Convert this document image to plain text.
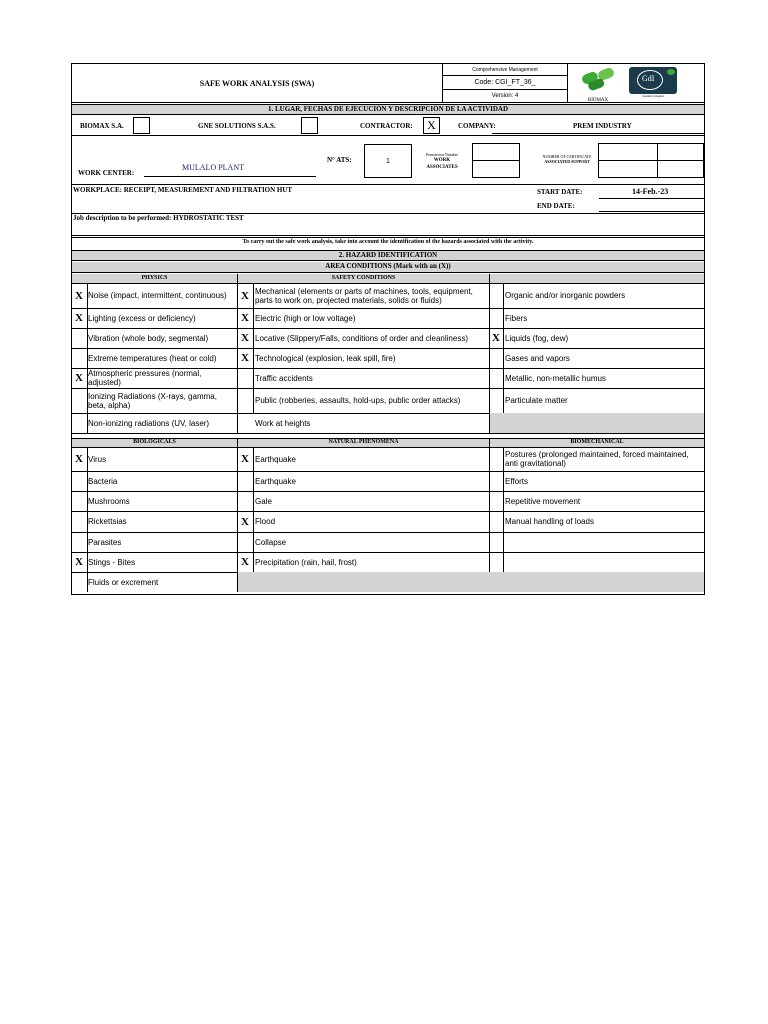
SAFE WORK ANALYSIS (SWA)
Comprehensive Management
Code: CGI_FT_36_
Version: 4
BIOMAX
GdI
Gestión Integral
1. LUGAR, FECHAS DE EJECUCIÓN Y DESCRIPCIÓN DE LA ACTIVIDAD
BIOMAX S.A.	GNE SOLUTIONS S.A.S.	CONTRACTOR: X	COMPANY:	PREM INDUSTRY
WORK CENTER:
MULALO PLANT
N° ATS:	1
Permission Number
WORK ASSOCIATES
NUMBER OF CERTIFICATE
ASSOCIATED SUPPORT
WORKPLACE: RECEIPT, MEASUREMENT AND FILTRATION HUT	START DATE:	14-Feb.-23
END DATE:
Job description to be performed: HYDROSTATIC TEST
To carry out the safe work analysis, take into account the identification of the hazards associated with the activity.
2. HAZARD IDENTIFICATION
AREA CONDITIONS (Mark with an (X))
PHYSICS	SAFETY CONDITIONS
BIOLOGICALS	NATURAL PHENOMENA	BIOMECHANICAL
X Noise (impact, intermittent, continuous)	X Mechanical (elements or parts of machines, tools, equipment, parts to work on, projected materials, solids or fluids)	Organic and/or inorganic powders
X Lighting (excess or deficiency)	X Electric (high or low voltage)	Fibers
Vibration (whole body, segmental)	X Locative (Slippery/Falls, conditions of order and cleanliness)	X Liquids (fog, dew)
Extreme temperatures (heat or cold)	X Technological (explosion, leak spill, fire)	Gases and vapors
X Atmospheric pressures (normal, adjusted)	Traffic accidents	Metallic, non-metallic humus
Ionizing Radiations (X-rays, gamma, beta, alpha)	Public (robberies, assaults, hold-ups, public order attacks)	Particulate matter
Non-ionizing radiations (UV, laser)	Work at heights
X Virus	X Earthquake	Postures (prolonged maintained, forced maintained, anti gravitational)
Bacteria	Earthquake	Efforts
Mushrooms	Gale	Repetitive movement
Rickettsias	X Flood	Manual handling of loads
Parasites	Collapse
X Stings - Bites	X Precipitation (rain, hail, frost)
Fluids or excrement
